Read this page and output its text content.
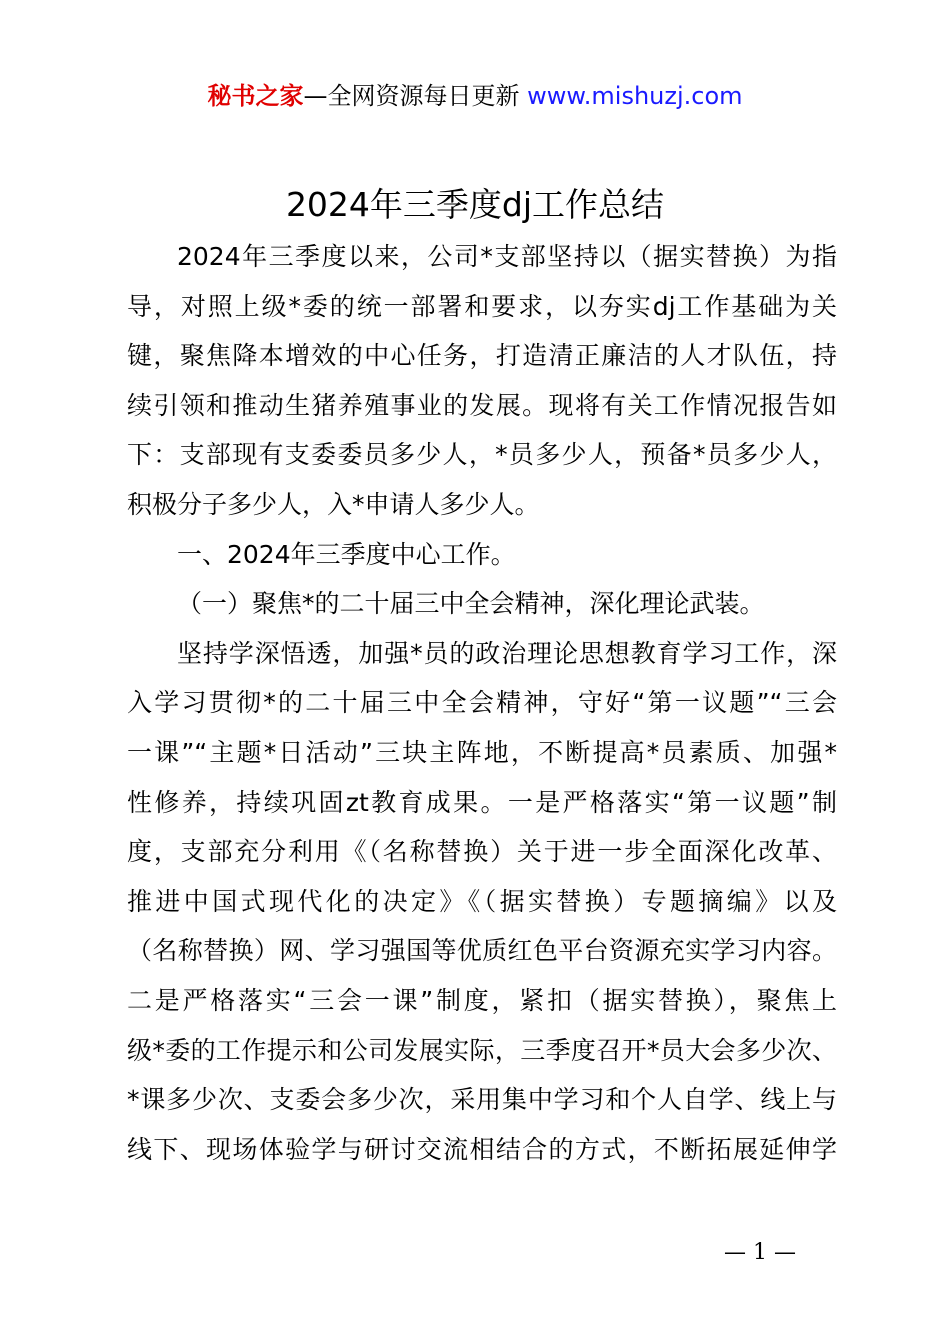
秘书之家—全网资源每日更新 www.mishuzj.com
2024年三季度dj工作总结
2024年三季度以来，公司*支部坚持以（据实替换）为指
导，对照上级*委的统一部署和要求，以夯实dj工作基础为关
键，聚焦降本增效的中心任务，打造清正廉洁的人才队伍，持
续引领和推动生猪养殖事业的发展。现将有关工作情况报告如
下：支部现有支委委员多少人，*员多少人，预备*员多少人，
积极分子多少人，入*申请人多少人。
一、2024年三季度中心工作。
（一）聚焦*的二十届三中全会精神，深化理论武装。
坚持学深悟透，加强*员的政治理论思想教育学习工作，深
入学习贯彻*的二十届三中全会精神，守好“第一议题”“三会
一课”“主题*日活动”三块主阵地，不断提高*员素质、加强*
性修养，持续巩固zt教育成果。一是严格落实“第一议题”制
度，支部充分利用《（名称替换）关于进一步全面深化改革、
推进中国式现代化的决定》《（据实替换）专题摘编》以及
（名称替换）网、学习强国等优质红色平台资源充实学习内容。
二是严格落实“三会一课”制度，紧扣（据实替换），聚焦上
级*委的工作提示和公司发展实际，三季度召开*员大会多少次、
*课多少次、支委会多少次，采用集中学习和个人自学、线上与
线下、现场体验学与研讨交流相结合的方式，不断拓展延伸学
— 1 —
